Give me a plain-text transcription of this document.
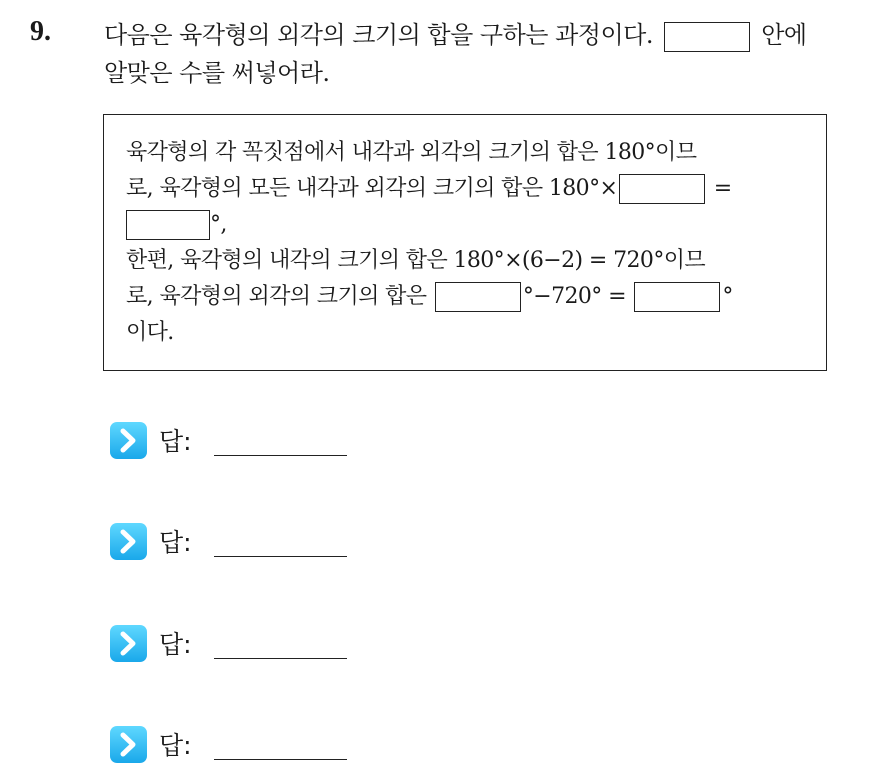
9. 다음은 육각형의 외각의 크기의 합을 구하는 과정이다.	안에
알맞은 수를 써넣어라.
육각형의 각 꼭짓점에서 내각과 외각의 크기의 합은 180°이므
로, 육각형의 모든 내각과 외각의 크기의 합은 180°×	=
°,
한편, 육각형의 내각의 크기의 합은 180°×(6−2) = 720°이므
로, 육각형의 외각의 크기의 합은	°−720° =	°
이다.
답:
답:
답:
답:
